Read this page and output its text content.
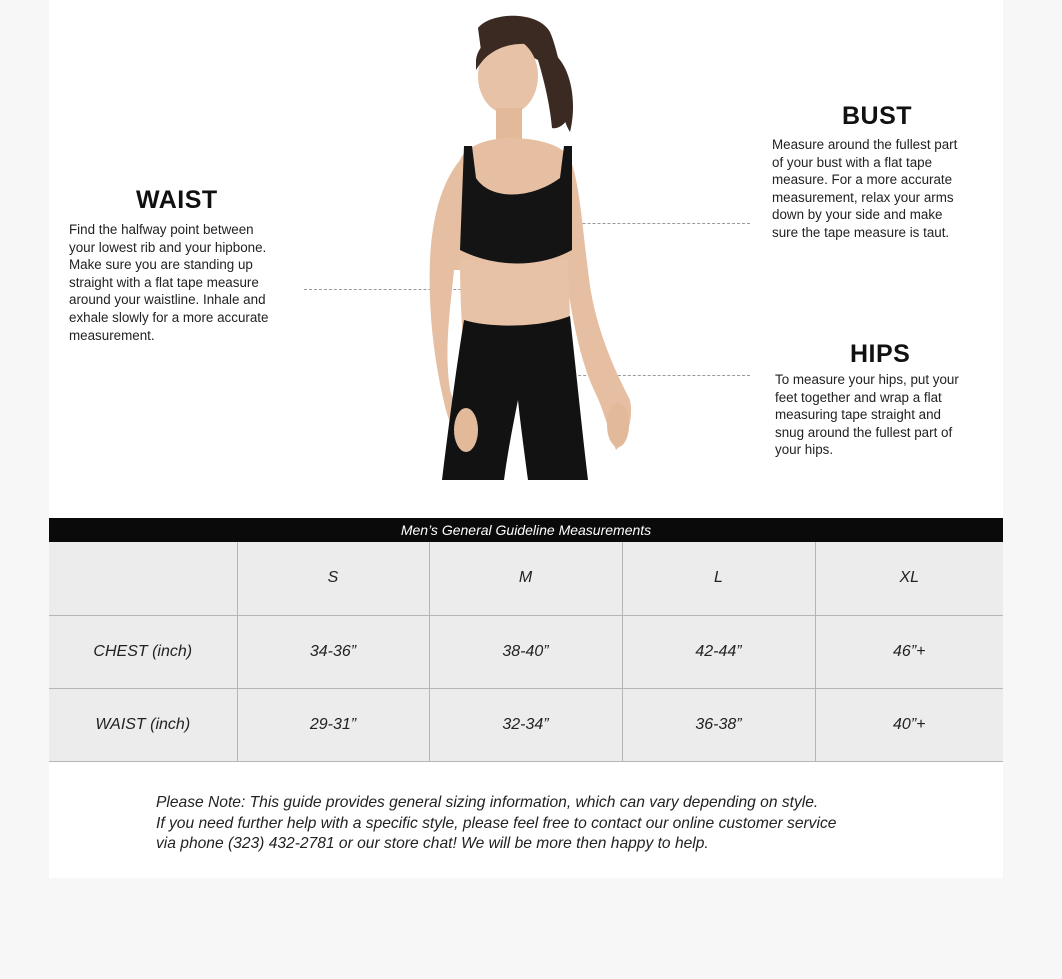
WAIST
Find the halfway point between
your lowest rib and your hipbone.
Make sure you are standing up
straight with a flat tape measure
around your waistline. Inhale and
exhale slowly for a more accurate
measurement.
BUST
Measure around the fullest part
of your bust with a flat tape
measure. For a more accurate
measurement, relax your arms
down by your side and make
sure the tape measure is taut.
HIPS
To measure your hips, put your
feet together and wrap a flat
measuring tape straight and
snug around the fullest part of
your hips.
Men’s General Guideline Measurements
	S	M	L	XL
CHEST (inch)	34-36”	38-40”	42-44”	46”+
WAIST (inch)	29-31”	32-34”	36-38”	40”+
Please Note: This guide provides general sizing information, which can vary depending on style.
If you need further help with a specific style, please feel free to contact our online customer service
via phone (323) 432-2781 or our store chat! We will be more then happy to help.
